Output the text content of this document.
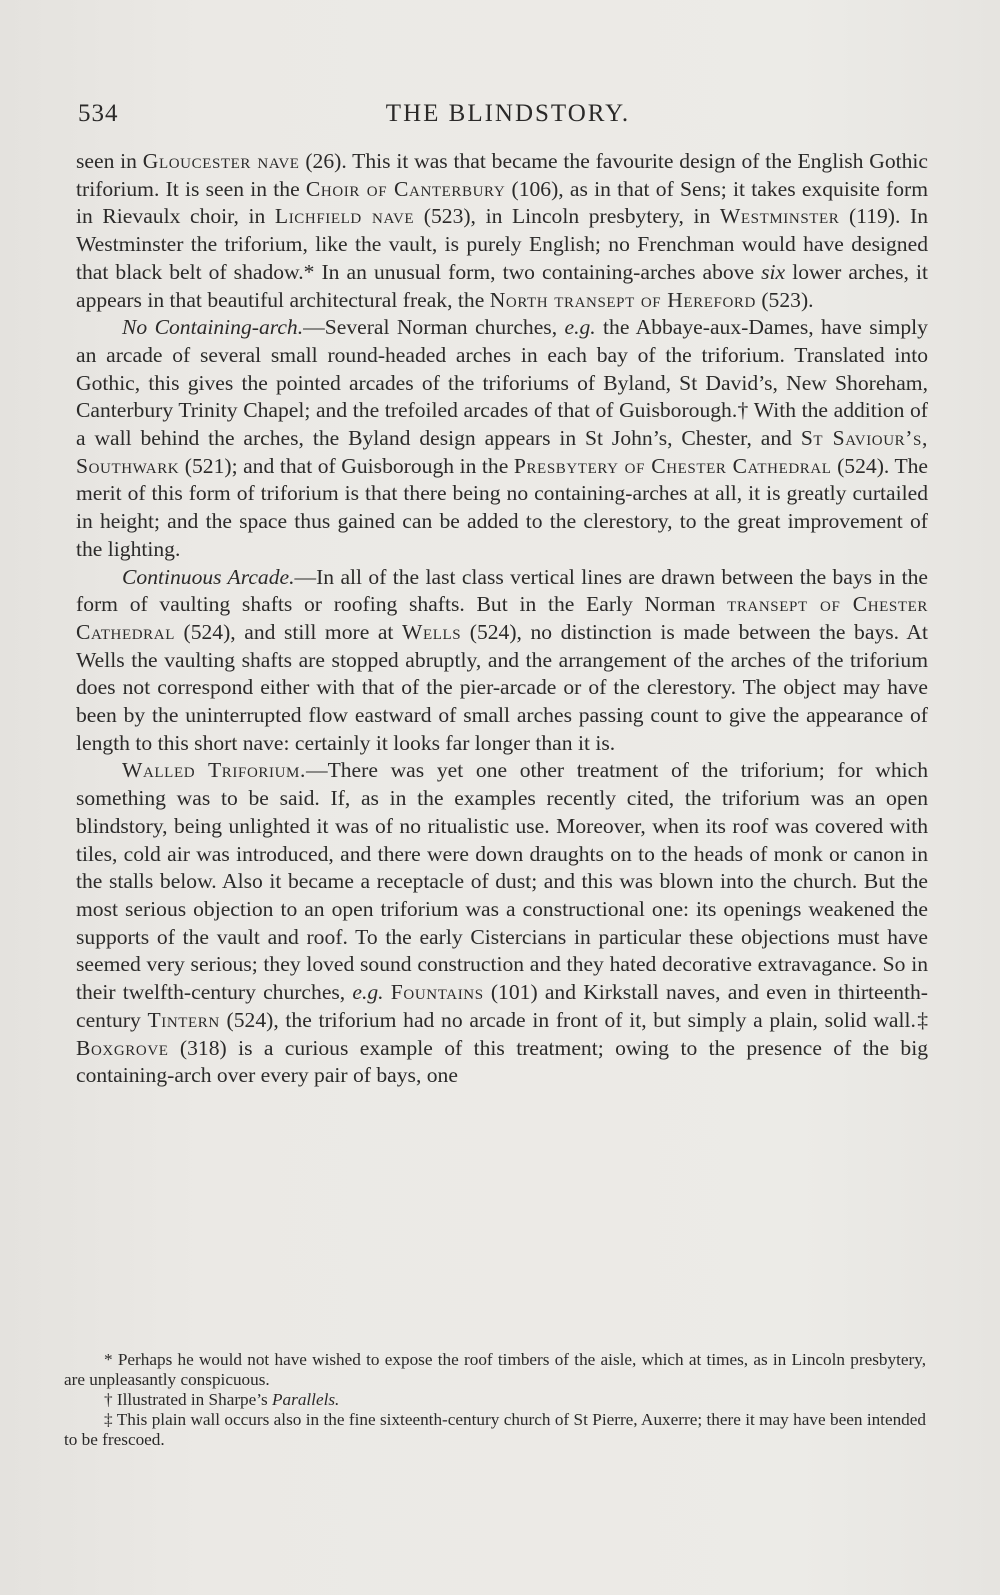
534	THE BLINDSTORY.

seen in Gloucester nave (26). This it was that became the favourite design of the English Gothic triforium. It is seen in the Choir of Canterbury (106), as in that of Sens; it takes exquisite form in Rievaulx choir, in Lichfield nave (523), in Lincoln presbytery, in Westminster (119). In Westminster the triforium, like the vault, is purely English; no Frenchman would have designed that black belt of shadow.* In an unusual form, two containing-arches above six lower arches, it appears in that beautiful architectural freak, the North transept of Hereford (523).

No Containing-arch.—Several Norman churches, e.g. the Abbaye-aux-Dames, have simply an arcade of several small round-headed arches in each bay of the triforium. Translated into Gothic, this gives the pointed arcades of the triforiums of Byland, St David’s, New Shoreham, Canterbury Trinity Chapel; and the trefoiled arcades of that of Guisborough.† With the addition of a wall behind the arches, the Byland design appears in St John’s, Chester, and St Saviour’s, Southwark (521); and that of Guisborough in the Presbytery of Chester Cathedral (524). The merit of this form of triforium is that there being no containing-arches at all, it is greatly curtailed in height; and the space thus gained can be added to the clerestory, to the great improvement of the lighting.

Continuous Arcade.—In all of the last class vertical lines are drawn between the bays in the form of vaulting shafts or roofing shafts. But in the Early Norman transept of Chester Cathedral (524), and still more at Wells (524), no distinction is made between the bays. At Wells the vaulting shafts are stopped abruptly, and the arrangement of the arches of the triforium does not correspond either with that of the pier-arcade or of the clerestory. The object may have been by the uninterrupted flow eastward of small arches passing count to give the appearance of length to this short nave: certainly it looks far longer than it is.

Walled Triforium.—There was yet one other treatment of the triforium; for which something was to be said. If, as in the examples recently cited, the triforium was an open blindstory, being unlighted it was of no ritualistic use. Moreover, when its roof was covered with tiles, cold air was introduced, and there were down draughts on to the heads of monk or canon in the stalls below. Also it became a receptacle of dust; and this was blown into the church. But the most serious objection to an open triforium was a constructional one: its openings weakened the supports of the vault and roof. To the early Cistercians in particular these objections must have seemed very serious; they loved sound construction and they hated decorative extravagance. So in their twelfth-century churches, e.g. Fountains (101) and Kirkstall naves, and even in thirteenth-century Tintern (524), the triforium had no arcade in front of it, but simply a plain, solid wall.‡ Boxgrove (318) is a curious example of this treatment; owing to the presence of the big containing-arch over every pair of bays, one

* Perhaps he would not have wished to expose the roof timbers of the aisle, which at times, as in Lincoln presbytery, are unpleasantly conspicuous.

† Illustrated in Sharpe’s Parallels.

‡ This plain wall occurs also in the fine sixteenth-century church of St Pierre, Auxerre; there it may have been intended to be frescoed.
